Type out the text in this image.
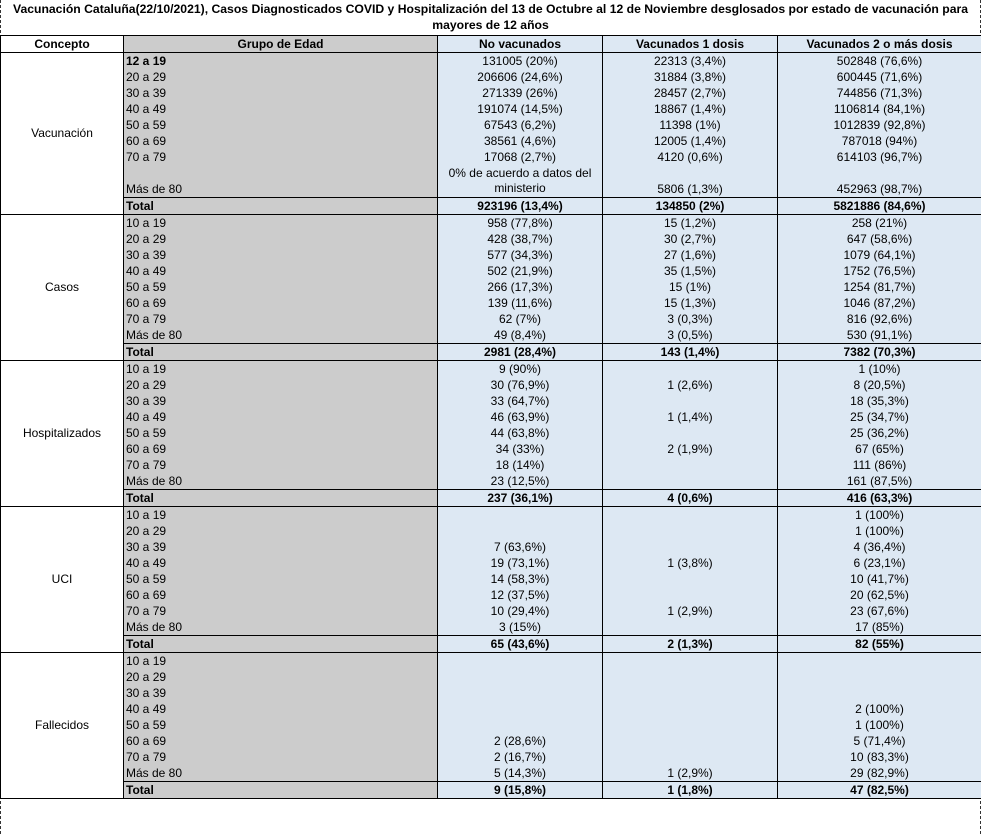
Vacunación Cataluña(22/10/2021), Casos Diagnosticados COVID y Hospitalización del 13 de Octubre al 12 de Noviembre desglosados por estado de vacunación para mayores de 12 años
Concepto	Grupo de Edad	No vacunados	Vacunados 1 dosis	Vacunados 2 o más dosis
Vacunación	12 a 19	131005 (20%)	22313 (3,4%)	502848 (76,6%)
	20 a 29	206606 (24,6%)	31884 (3,8%)	600445 (71,6%)
	30 a 39	271339 (26%)	28457 (2,7%)	744856 (71,3%)
	40 a 49	191074 (14,5%)	18867 (1,4%)	1106814 (84,1%)
	50 a 59	67543 (6,2%)	11398 (1%)	1012839 (92,8%)
	60 a 69	38561 (4,6%)	12005 (1,4%)	787018 (94%)
	70 a 79	17068 (2,7%)	4120 (0,6%)	614103 (96,7%)
	Más de 80	0% de acuerdo a datos del ministerio	5806 (1,3%)	452963 (98,7%)
	Total	923196 (13,4%)	134850 (2%)	5821886 (84,6%)
Casos	10 a 19	958 (77,8%)	15 (1,2%)	258 (21%)
	20 a 29	428 (38,7%)	30 (2,7%)	647 (58,6%)
	30 a 39	577 (34,3%)	27 (1,6%)	1079 (64,1%)
	40 a 49	502 (21,9%)	35 (1,5%)	1752 (76,5%)
	50 a 59	266 (17,3%)	15 (1%)	1254 (81,7%)
	60 a 69	139 (11,6%)	15 (1,3%)	1046 (87,2%)
	70 a 79	62 (7%)	3 (0,3%)	816 (92,6%)
	Más de 80	49 (8,4%)	3 (0,5%)	530 (91,1%)
	Total	2981 (28,4%)	143 (1,4%)	7382 (70,3%)
Hospitalizados	10 a 19	9 (90%)		1 (10%)
	20 a 29	30 (76,9%)	1 (2,6%)	8 (20,5%)
	30 a 39	33 (64,7%)		18 (35,3%)
	40 a 49	46 (63,9%)	1 (1,4%)	25 (34,7%)
	50 a 59	44 (63,8%)		25 (36,2%)
	60 a 69	34 (33%)	2 (1,9%)	67 (65%)
	70 a 79	18 (14%)		111 (86%)
	Más de 80	23 (12,5%)		161 (87,5%)
	Total	237 (36,1%)	4 (0,6%)	416 (63,3%)
UCI	10 a 19			1 (100%)
	20 a 29			1 (100%)
	30 a 39	7 (63,6%)		4 (36,4%)
	40 a 49	19 (73,1%)	1 (3,8%)	6 (23,1%)
	50 a 59	14 (58,3%)		10 (41,7%)
	60 a 69	12 (37,5%)		20 (62,5%)
	70 a 79	10 (29,4%)	1 (2,9%)	23 (67,6%)
	Más de 80	3 (15%)		17 (85%)
	Total	65 (43,6%)	2 (1,3%)	82 (55%)
Fallecidos	10 a 19			
	20 a 29			
	30 a 39			
	40 a 49			2 (100%)
	50 a 59			1 (100%)
	60 a 69	2 (28,6%)		5 (71,4%)
	70 a 79	2 (16,7%)		10 (83,3%)
	Más de 80	5 (14,3%)	1 (2,9%)	29 (82,9%)
	Total	9 (15,8%)	1 (1,8%)	47 (82,5%)
